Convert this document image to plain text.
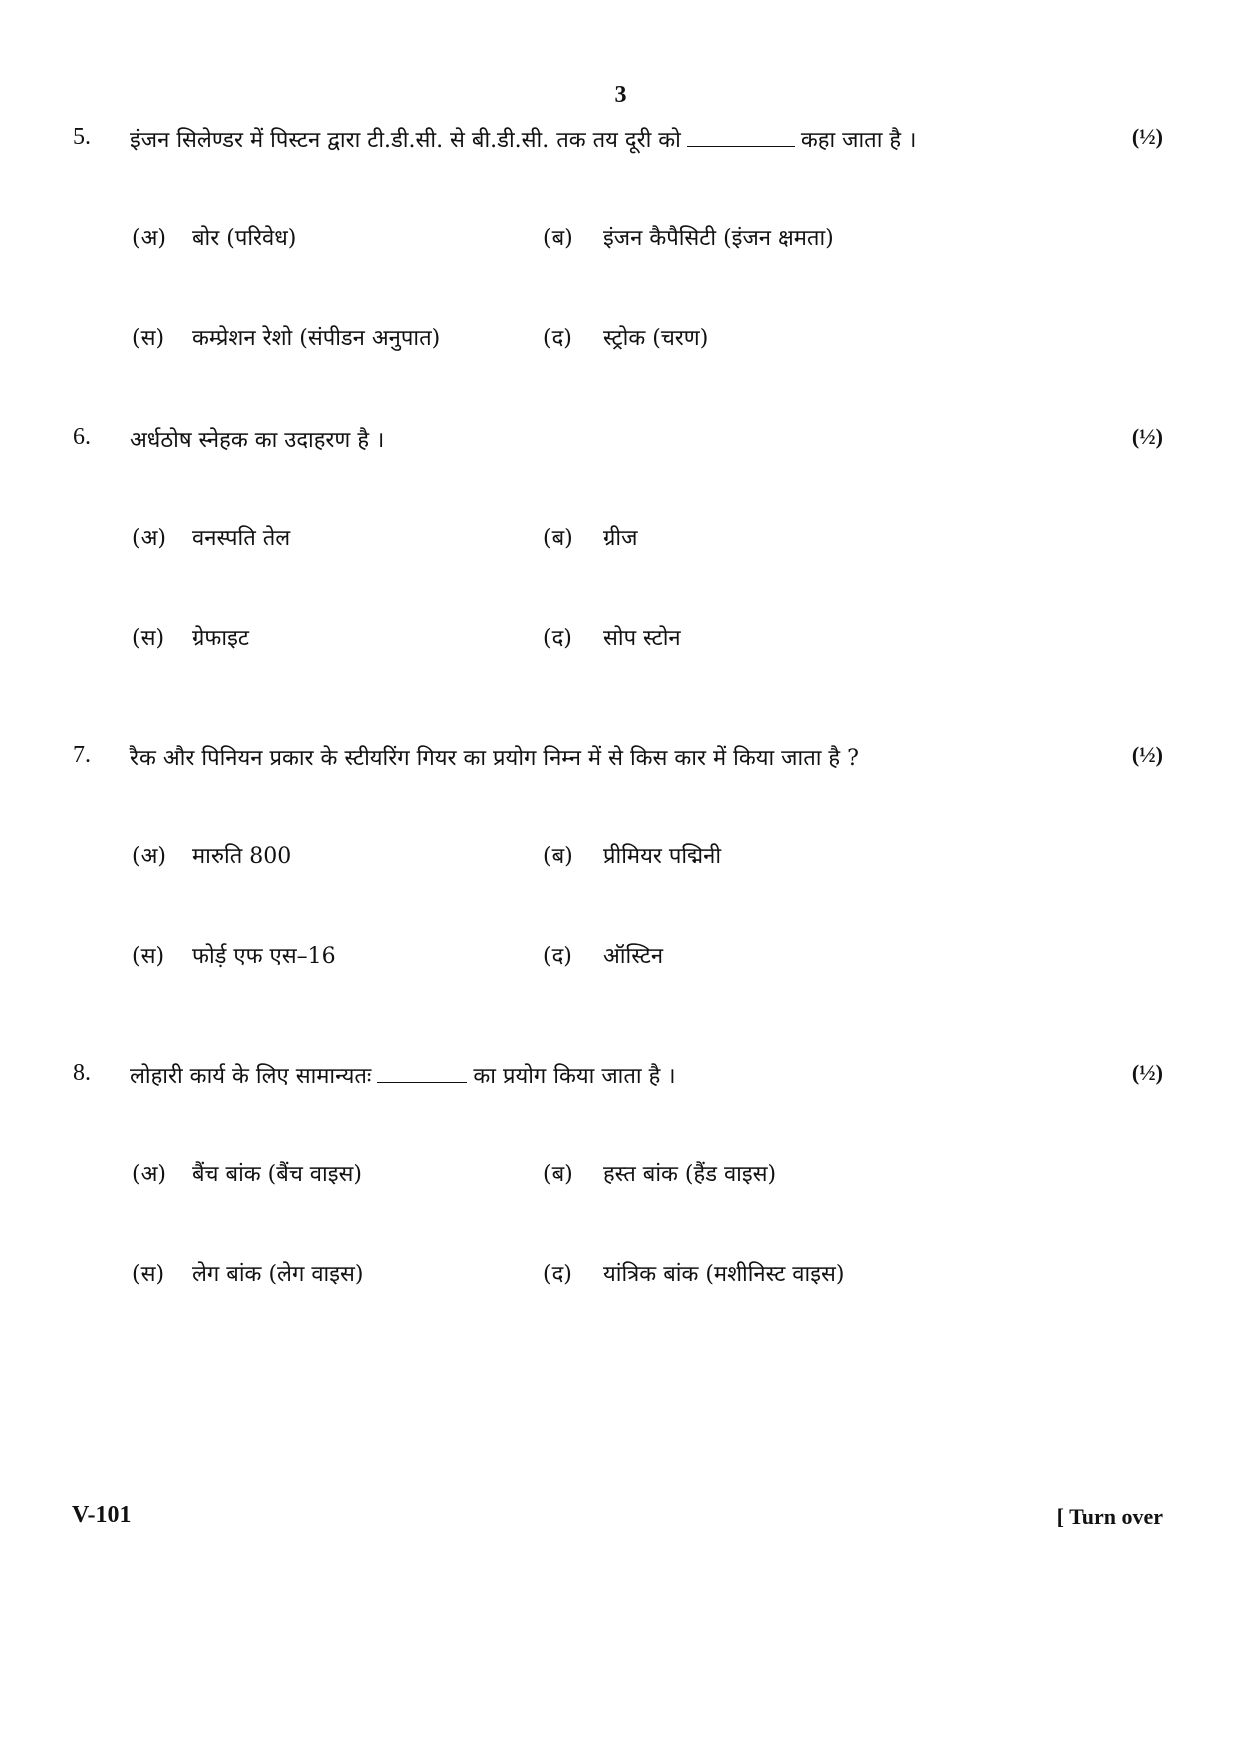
3
5. इंजन सिलेण्डर में पिस्टन द्वारा टी.डी.सी. से बी.डी.सी. तक तय दूरी को	कहा जाता है ।	(½)
(अ) बोर (परिवेध)	(ब) इंजन कैपैसिटी (इंजन क्षमता)
(स) कम्प्रेशन रेशो (संपीडन अनुपात)	(द) स्ट्रोक (चरण)
6. अर्धठोष स्नेहक का उदाहरण है ।	(½)
(अ) वनस्पति तेल	(ब) ग्रीज
(स) ग्रेफाइट	(द) सोप स्टोन
7. रैक और पिनियन प्रकार के स्टीयरिंग गियर का प्रयोग निम्न में से किस कार में किया जाता है ?	(½)
(अ) मारुति 800	(ब) प्रीमियर पद्मिनी
(स) फोर्ड़ एफ एस–16	(द) ऑस्टिन
8. लोहारी कार्य के लिए सामान्यतः	का प्रयोग किया जाता है ।	(½)
(अ) बैंच बांक (बैंच वाइस)	(ब) हस्त बांक (हैंड वाइस)
(स) लेग बांक (लेग वाइस)	(द) यांत्रिक बांक (मशीनिस्ट वाइस)
V-101	[ Turn over
